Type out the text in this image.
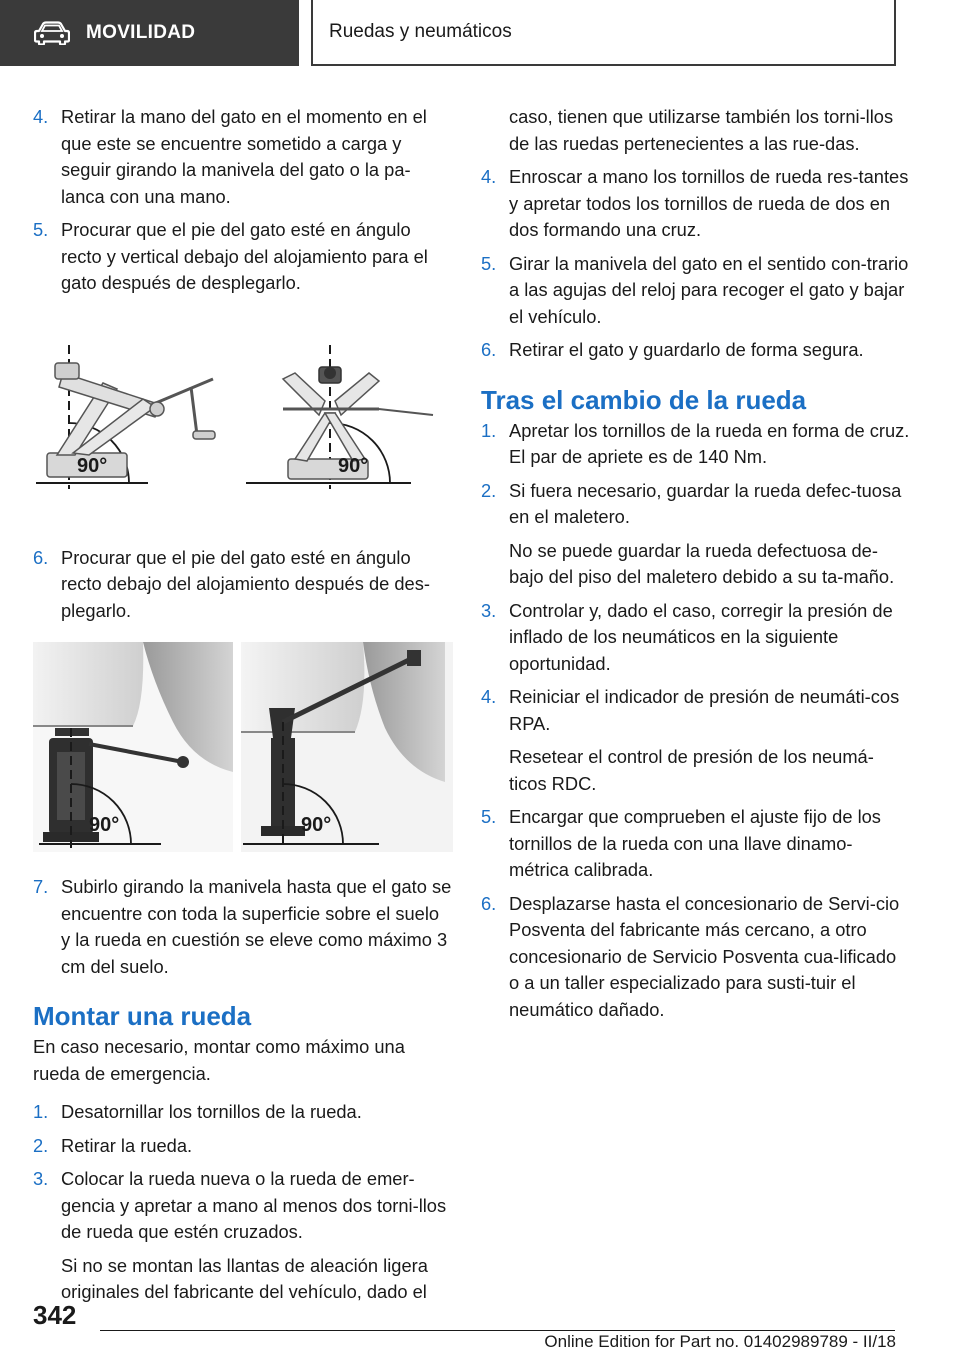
MOVILIDAD	Ruedas y neumáticos
4. Retirar la mano del gato en el momento en el que este se encuentre sometido a carga y seguir girando la manivela del gato o la pa-lanca con una mano.
5. Procurar que el pie del gato esté en ángulo recto y vertical debajo del alojamiento para el gato después de desplegarlo.
90°	90°
6. Procurar que el pie del gato esté en ángulo recto debajo del alojamiento después de des-plegarlo.
90°	90°
7. Subirlo girando la manivela hasta que el gato se encuentre con toda la superficie sobre el suelo y la rueda en cuestión se eleve como máximo 3 cm del suelo.
Montar una rueda

En caso necesario, montar como máximo una rueda de emergencia.

1. Desatornillar los tornillos de la rueda.
2. Retirar la rueda.
3. Colocar la rueda nueva o la rueda de emer-gencia y apretar a mano al menos dos torni-llos de rueda que estén cruzados.

Si no se montan las llantas de aleación ligera originales del fabricante del vehículo, dado el

caso, tienen que utilizarse también los torni-llos de las ruedas pertenecientes a las rue-das.

4. Enroscar a mano los tornillos de rueda res-tantes y apretar todos los tornillos de rueda de dos en dos formando una cruz.
5. Girar la manivela del gato en el sentido con-trario a las agujas del reloj para recoger el gato y bajar el vehículo.
6. Retirar el gato y guardarlo de forma segura.
Tras el cambio de la rueda
1. Apretar los tornillos de la rueda en forma de cruz. El par de apriete es de 140 Nm.
2. Si fuera necesario, guardar la rueda defec-tuosa en el maletero.

No se puede guardar la rueda defectuosa de-bajo del piso del maletero debido a su ta-maño.

3. Controlar y, dado el caso, corregir la presión de inflado de los neumáticos en la siguiente oportunidad.
4. Reiniciar el indicador de presión de neumáti-cos RPA.

Resetear el control de presión de los neumá-ticos RDC.

5. Encargar que comprueben el ajuste fijo de los tornillos de la rueda con una llave dinamo-métrica calibrada.
6. Desplazarse hasta el concesionario de Servi-cio Posventa del fabricante más cercano, a otro concesionario de Servicio Posventa cua-lificado o a un taller especializado para susti-tuir el neumático dañado.
342
Online Edition for Part no. 01402989789 - II/18
